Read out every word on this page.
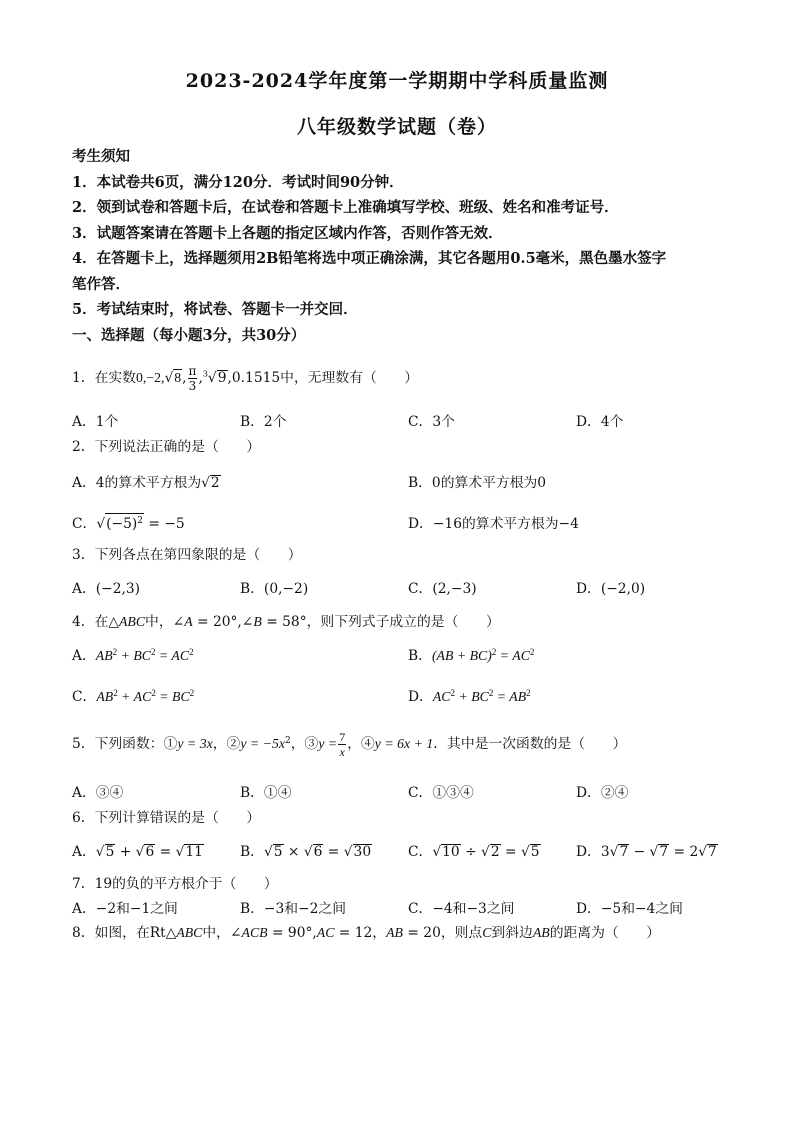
2023-2024学年度第一学期期中学科质量监测
八年级数学试题（卷）
考生须知
1．本试卷共6页，满分120分．考试时间90分钟．
2．领到试卷和答题卡后，在试卷和答题卡上准确填写学校、班级、姓名和准考证号．
3．试题答案请在答题卡上各题的指定区域内作答，否则作答无效．
4．在答题卡上，选择题须用2B铅笔将选中项正确涂满，其它各题用0.5毫米，黑色墨水签字
笔作答．
5．考试结束时，将试卷、答题卡一并交回．
一、选择题（每小题3分，共30分）
1．在实数0,−2,√8, $\frac{\pi}{3} ,^3√9,0.1515$中，无理数有（　　）
A．1个	B．2个	C．3个	D．4个
2．下列说法正确的是（　　）
A．4的算术平方根为√2	B．0的算术平方根为0
C．$√(-5)^2 = -5$	D．−16的算术平方根为−4
3．下列各点在第四象限的是（　　）
A．(−2,3)	B．(0,−2)	C．(2,−3)	D．(−2,0)
4．在△ABC中，∠A = 20°,∠B = 58°，则下列式子成立的是（　　）
A．$AB^2 + BC^2 = AC^2$	B．$(AB + BC)^2 = AC^2$
C．$AB^2 + AC^2 = BC^2$	D．$AC^2 + BC^2 = AB^2$
5．下列函数：①y = 3x，②y = $-5x^2$，③y = $\frac{7}{x}$ ，④y = 6x + 1．其中是一次函数的是（　　）
A．③④	B．①④	C．①③④	D．②④
6．下列计算错误的是（　　）
A．√5 + √6 = √11	B．√5 × √6 = √30	C．√10 ÷ √2 = √5	D．3√7 − √7 = 2√7
7．19的负的平方根介于（　　）
A．−2和−1之间	B．−3和−2之间	C．−4和−3之间	D．−5和−4之间
8．如图，在Rt△ABC中，∠ACB = 90°,AC = 12，AB = 20，则点C到斜边AB的距离为（　　）
